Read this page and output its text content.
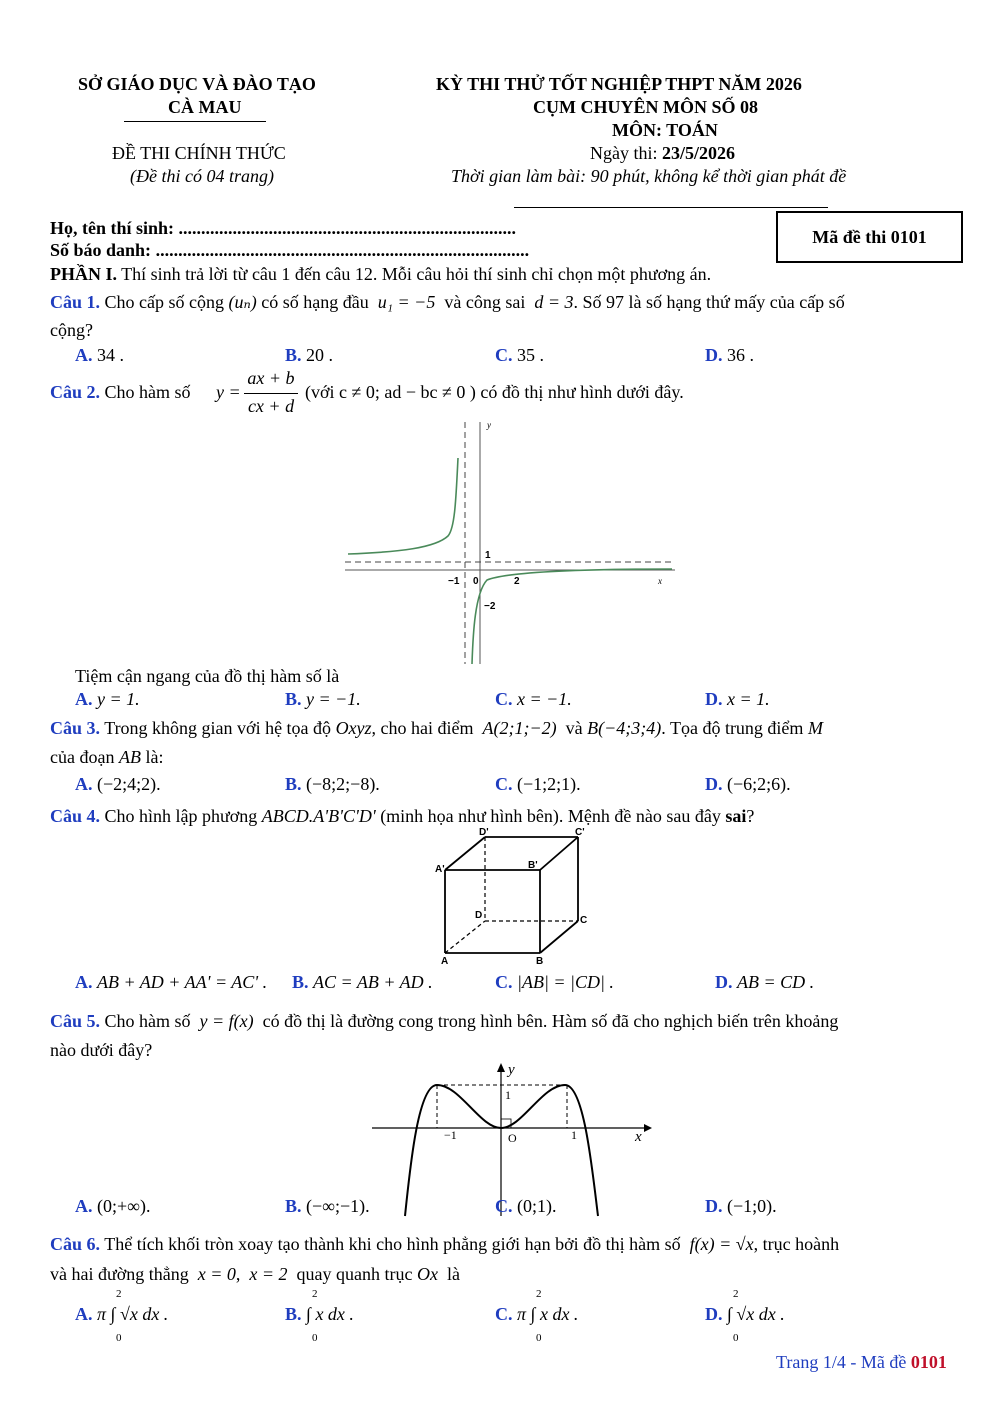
SỞ GIÁO DỤC VÀ ĐÀO TẠO
CÀ MAU
ĐỀ THI CHÍNH THỨC
(Đề thi có 04 trang)
KỲ THI THỬ TỐT NGHIỆP THPT NĂM 2026
CỤM CHUYÊN MÔN SỐ 08
MÔN: TOÁN
Ngày thi: 23/5/2026
Thời gian làm bài: 90 phút, không kể thời gian phát đề
Họ, tên thí sinh: ...........................................................................
Số báo danh: ...................................................................................
Mã đề thi 0101
PHẦN I. Thí sinh trả lời từ câu 1 đến câu 12. Mỗi câu hỏi thí sinh chỉ chọn một phương án.
Câu 1. Cho cấp số cộng (uₙ) có số hạng đầu u₁ = −5 và công sai d = 3. Số 97 là số hạng thứ mấy của cấp số
cộng?
A. 34 .	B. 20 .	C. 35 .	D. 36 .
Câu 2. Cho hàm số y =
ax + b
cx + d
(với c ≠ 0; ad − bc ≠ 0 ) có đồ thị như hình dưới đây.
y
x
1
−1 0	2
−2
Tiệm cận ngang của đồ thị hàm số là
A. y = 1.	B. y = −1.	C. x = −1.	D. x = 1.
Câu 3. Trong không gian với hệ tọa độ Oxyz, cho hai điểm A(2;1;−2) và B(−4;3;4). Tọa độ trung điểm M
của đoạn AB là:
A. (−2;4;2).	B. (−8;2;−8).	C. (−1;2;1).	D. (−6;2;6).
Câu 4. Cho hình lập phương ABCD.A'B'C'D' (minh họa như hình bên). Mệnh đề nào sau đây sai?
D'	C'
A'	B'
D	C
A	B
A. AB + AD + AA' = AC' . B. AC = AB + AD .	C. |AB| = |CD| .	D. AB = CD .
Câu 5. Cho hàm số y = f(x) có đồ thị là đường cong trong hình bên. Hàm số đã cho nghịch biến trên khoảng
nào dưới đây?
y
x
1
−1	O	1
A. (0;+∞).	B. (−∞;−1).	C. (0;1).	D. (−1;0).
Câu 6. Thể tích khối tròn xoay tạo thành khi cho hình phẳng giới hạn bởi đồ thị hàm số f(x) = √x, trục hoành
và hai đường thẳng x = 0, x = 2 quay quanh trục Ox là
A. π ∫ √x dx .	B. ∫ x dx .	C. π ∫ x dx .	D. ∫ √x dx .
2
0
2
0
2
0
2
0
Trang 1/4 - Mã đề 0101
